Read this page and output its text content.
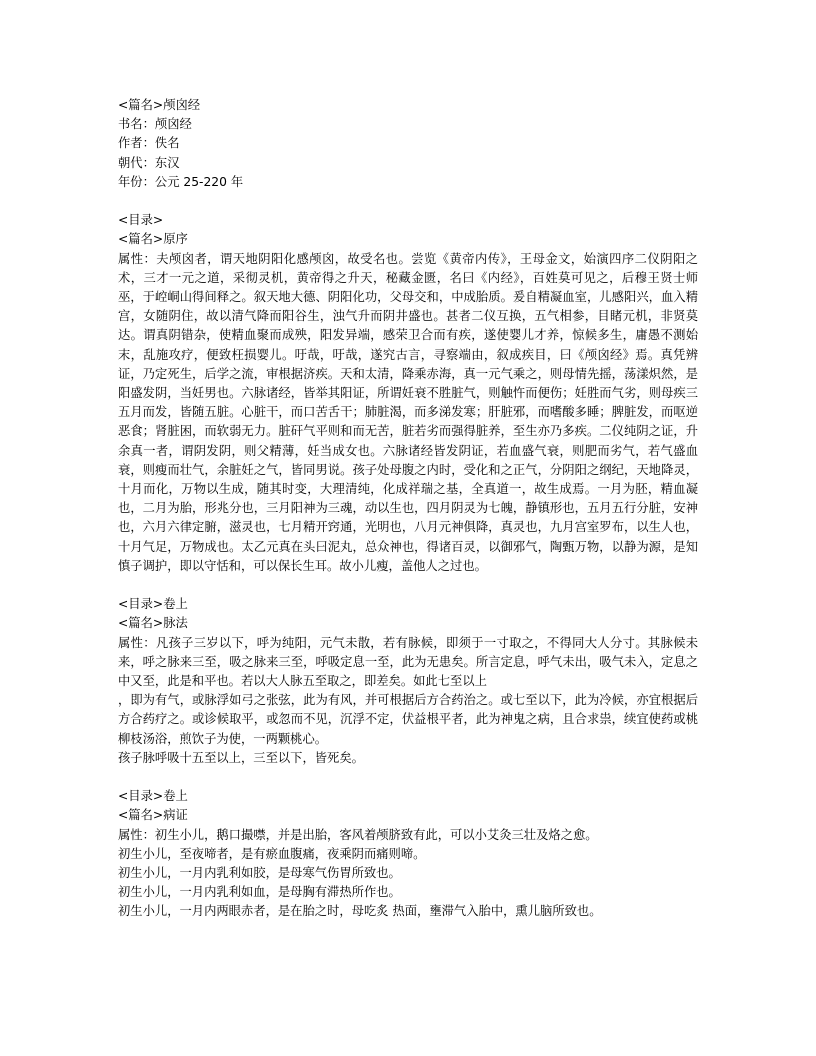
<篇名>颅囟经
书名：颅囟经
作者：佚名
朝代：东汉
年份：公元 25-220 年
<目录>
<篇名>原序

属性：夫颅囟者，谓天地阴阳化感颅囟，故受名也。尝览《黄帝内传》，王母金文，始演四序二仪阴阳之术，三才一元之道，采彻灵机，黄帝得之升天，秘藏金匮，名曰《内经》，百姓莫可见之，后穆王贤士师巫，于崆峒山得间释之。叙天地大德、阴阳化功，父母交和，中成胎质。爰自精凝血室，儿感阳兴，血入精宫，女随阴住，故以清气降而阳谷生，浊气升而阴井盛也。甚者二仪互换，五气相参，目睹元机，非贤莫达。谓真阴错杂，使精血聚而成殃，阳发异端，感荣卫合而有疾，遂使婴儿才养，惊候多生，庸愚不测始末，乱施攻疗，便致枉损婴儿。吁哉，吁哉，遂究古言，寻察端由，叙成疾目，曰《颅囟经》焉。真凭辨证，乃定死生，后学之流，审根据济疾。天和太清，降乘赤海，真一元气乘之，则母情先摇，荡漾炽然，是阳盛发阴，当妊男也。六脉诸经，皆举其阳证，所谓妊衰不胜脏气，则触忤而便伤；妊胜而气劣，则母疾三五月而发，皆随五脏。心脏干，而口苦舌干；肺脏渴，而多涕发寒；肝脏邪，而嗜酸多睡；脾脏发，而呕逆恶食；肾脏困，而软弱无力。脏矸气平则和而无苦，脏若劣而强得脏养，至生亦乃多疾。二仪纯阴之证，升余真一者，谓阴发阴，则父精薄，妊当成女也。六脉诸经皆发阴证，若血盛气衰，则肥而劣气，若气盛血衰，则瘦而壮气，余脏妊之气，皆同男说。孩子处母腹之内时，受化和之正气，分阴阳之纲纪，天地降灵，十月而化，万物以生成，随其时变，大理清纯，化成祥瑞之基，全真道一，故生成焉。一月为胚，精血凝也，二月为胎，形兆分也，三月阳神为三魂，动以生也，四月阴灵为七魄，静镇形也，五月五行分脏，安神也，六月六律定腑，滋灵也，七月精开窍通，光明也，八月元神俱降，真灵也，九月宫室罗布，以生人也，十月气足，万物成也。太乙元真在头曰泥丸，总众神也，得诸百灵，以御邪气，陶甄万物，以静为源，是知慎子调护，即以守恬和，可以保长生耳。故小儿瘦，盖他人之过也。

<目录>卷上
<篇名>脉法

属性：凡孩子三岁以下，呼为纯阳，元气未散，若有脉候，即须于一寸取之，不得同大人分寸。其脉候未来，呼之脉来三至，吸之脉来三至，呼吸定息一至，此为无患矣。所言定息，呼气未出，吸气未入，定息之中又至，此是和平也。若以大人脉五至取之，即差矣。如此七至以上

，即为有气，或脉浮如弓之张弦，此为有风，并可根据后方合药治之。或七至以下，此为冷候，亦宜根据后方合药疗之。或诊候取平，或忽而不见，沉浮不定，伏益根平者，此为神鬼之病，且合求祟，续宜使药或桃柳枝汤浴，煎饮子为使，一两颗桃心。

孩子脉呼吸十五至以上，三至以下，皆死矣。

<目录>卷上
<篇名>病证

属性：初生小儿，鹅口撮噤，并是出胎，客风着颅脐致有此，可以小艾灸三壮及烙之愈。

初生小儿，至夜啼者，是有瘀血腹痛，夜乘阴而痛则啼。

初生小儿，一月内乳利如胶，是母寒气伤胃所致也。

初生小儿，一月内乳利如血，是母胸有滞热所作也。

初生小儿，一月内两眼赤者，是在胎之时，母吃炙 热面，壅滞气入胎中，熏儿脑所致也。
